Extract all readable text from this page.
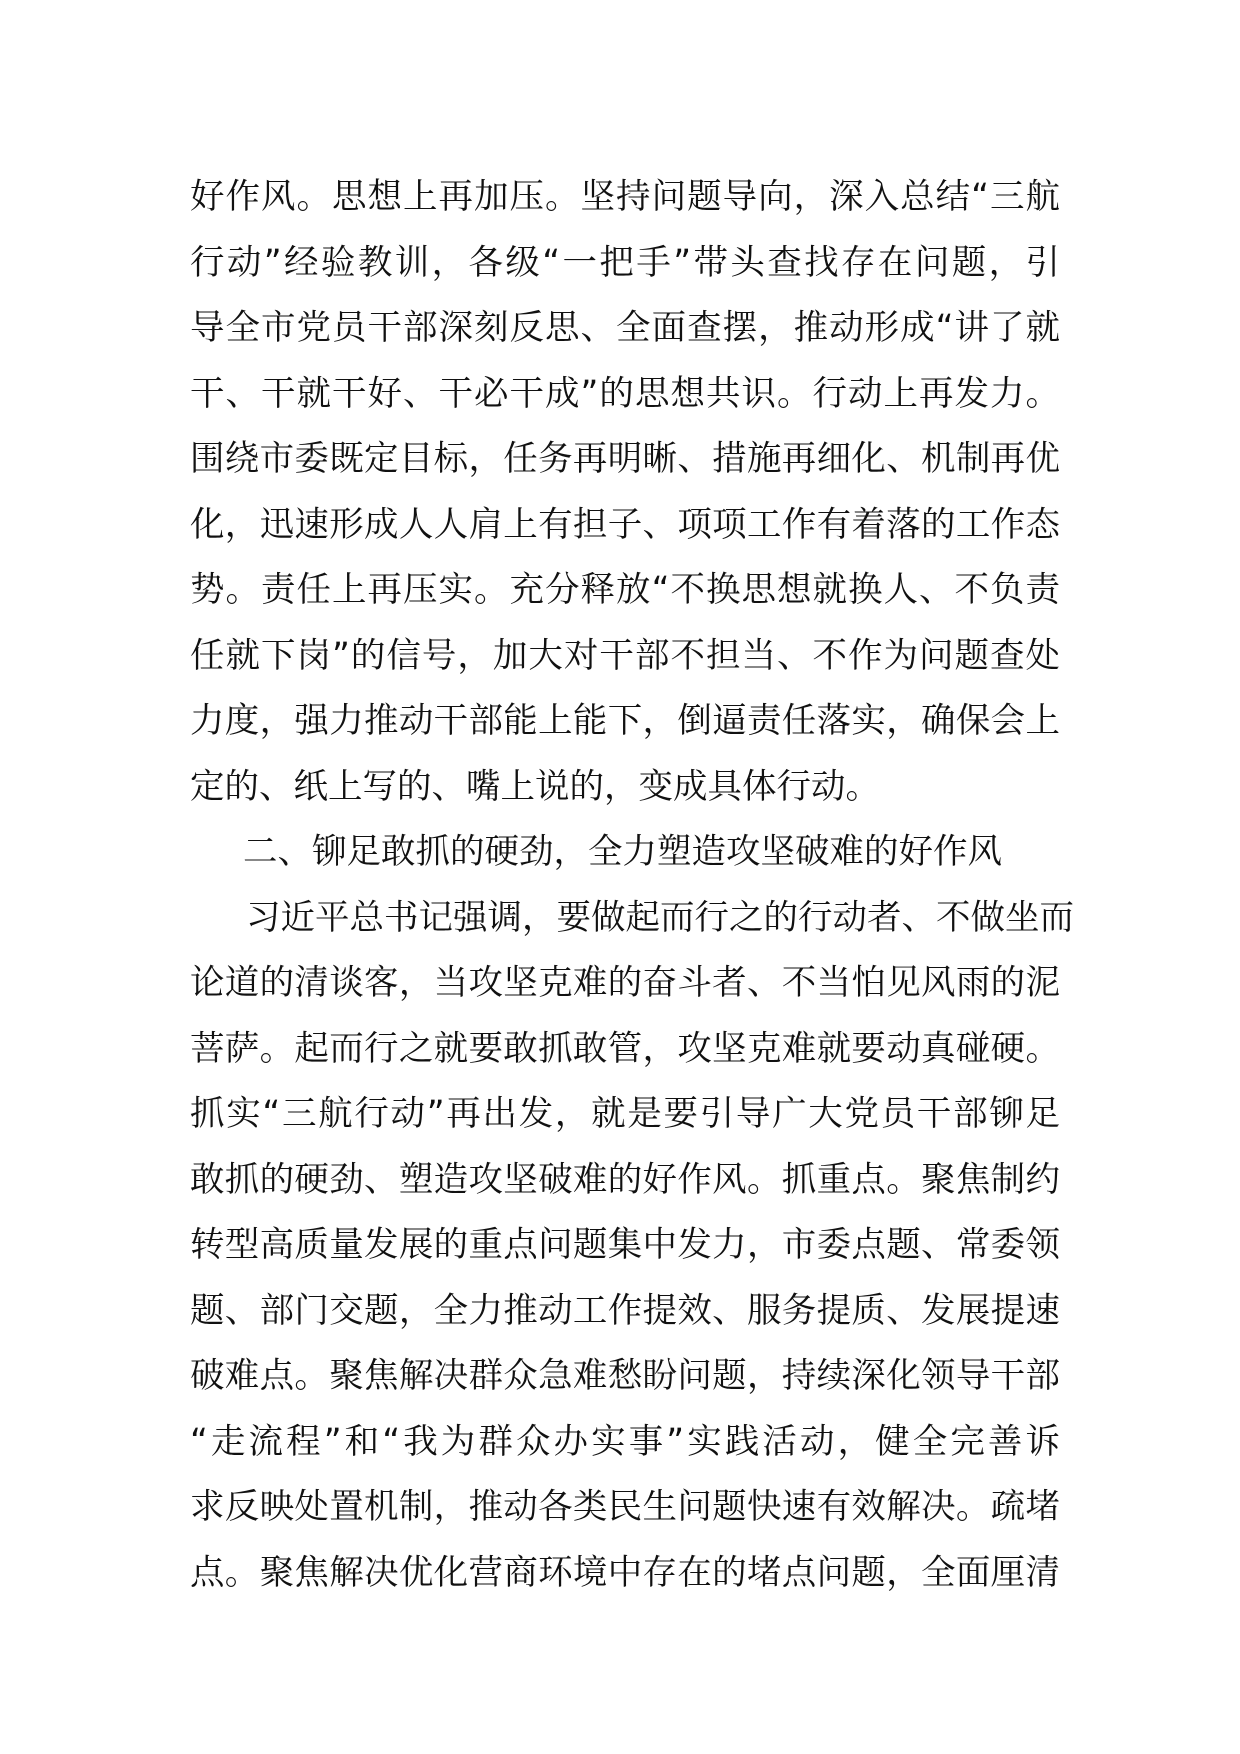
好作风。思想上再加压。坚持问题导向，深入总结“三航
行动”经验教训，各级“一把手”带头查找存在问题，引
导全市党员干部深刻反思、全面查摆，推动形成“讲了就
干、干就干好、干必干成”的思想共识。行动上再发力。
围绕市委既定目标，任务再明晰、措施再细化、机制再优
化，迅速形成人人肩上有担子、项项工作有着落的工作态
势。责任上再压实。充分释放“不换思想就换人、不负责
任就下岗”的信号，加大对干部不担当、不作为问题查处
力度，强力推动干部能上能下，倒逼责任落实，确保会上
定的、纸上写的、嘴上说的，变成具体行动。
二、铆足敢抓的硬劲，全力塑造攻坚破难的好作风
习近平总书记强调，要做起而行之的行动者、不做坐而
论道的清谈客，当攻坚克难的奋斗者、不当怕见风雨的泥
菩萨。起而行之就要敢抓敢管，攻坚克难就要动真碰硬。
抓实“三航行动”再出发，就是要引导广大党员干部铆足
敢抓的硬劲、塑造攻坚破难的好作风。抓重点。聚焦制约
转型高质量发展的重点问题集中发力，市委点题、常委领
题、部门交题，全力推动工作提效、服务提质、发展提速
破难点。聚焦解决群众急难愁盼问题，持续深化领导干部
“走流程”和“我为群众办实事”实践活动，健全完善诉
求反映处置机制，推动各类民生问题快速有效解决。疏堵
点。聚焦解决优化营商环境中存在的堵点问题，全面厘清
